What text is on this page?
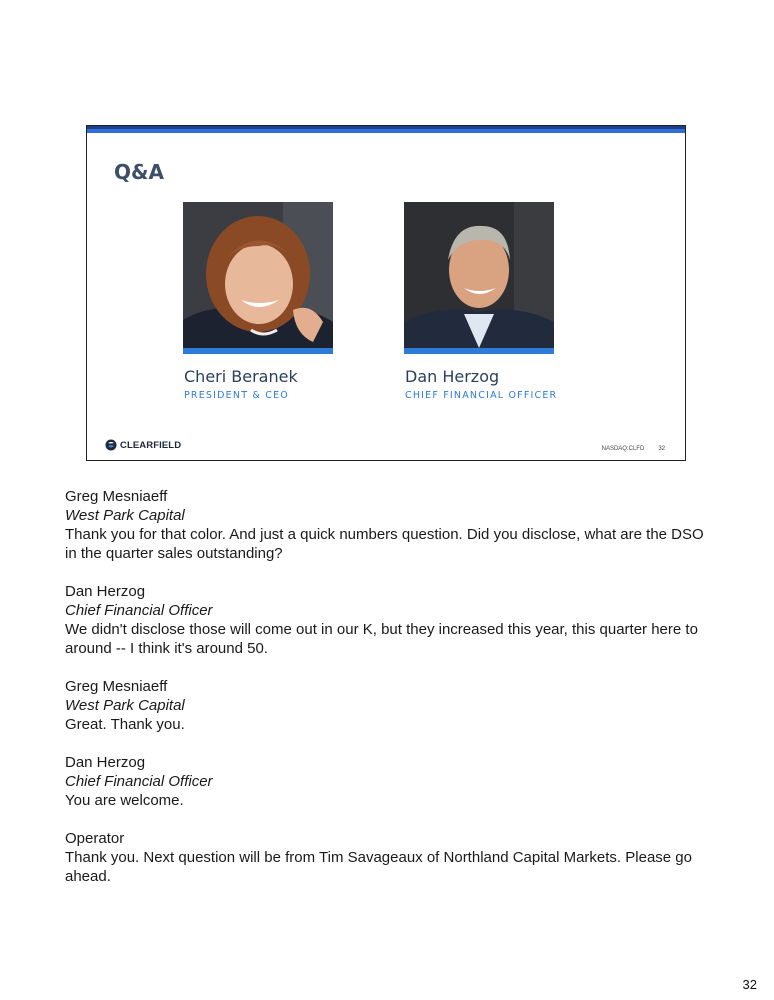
Q&A
Cheri Beranek
PRESIDENT & CEO
Dan Herzog
CHIEF FINANCIAL OFFICER
CLEARFIELD	NASDAQ:CLFD 32
Greg Mesniaeff
West Park Capital
Thank you for that color. And just a quick numbers question. Did you disclose, what are the DSO in the quarter sales outstanding?
Dan Herzog
Chief Financial Officer
We didn't disclose those will come out in our K, but they increased this year, this quarter here to around -- I think it's around 50.
Greg Mesniaeff
West Park Capital
Great. Thank you.
Dan Herzog
Chief Financial Officer
You are welcome.
Operator
Thank you. Next question will be from Tim Savageaux of Northland Capital Markets. Please go ahead.
32
